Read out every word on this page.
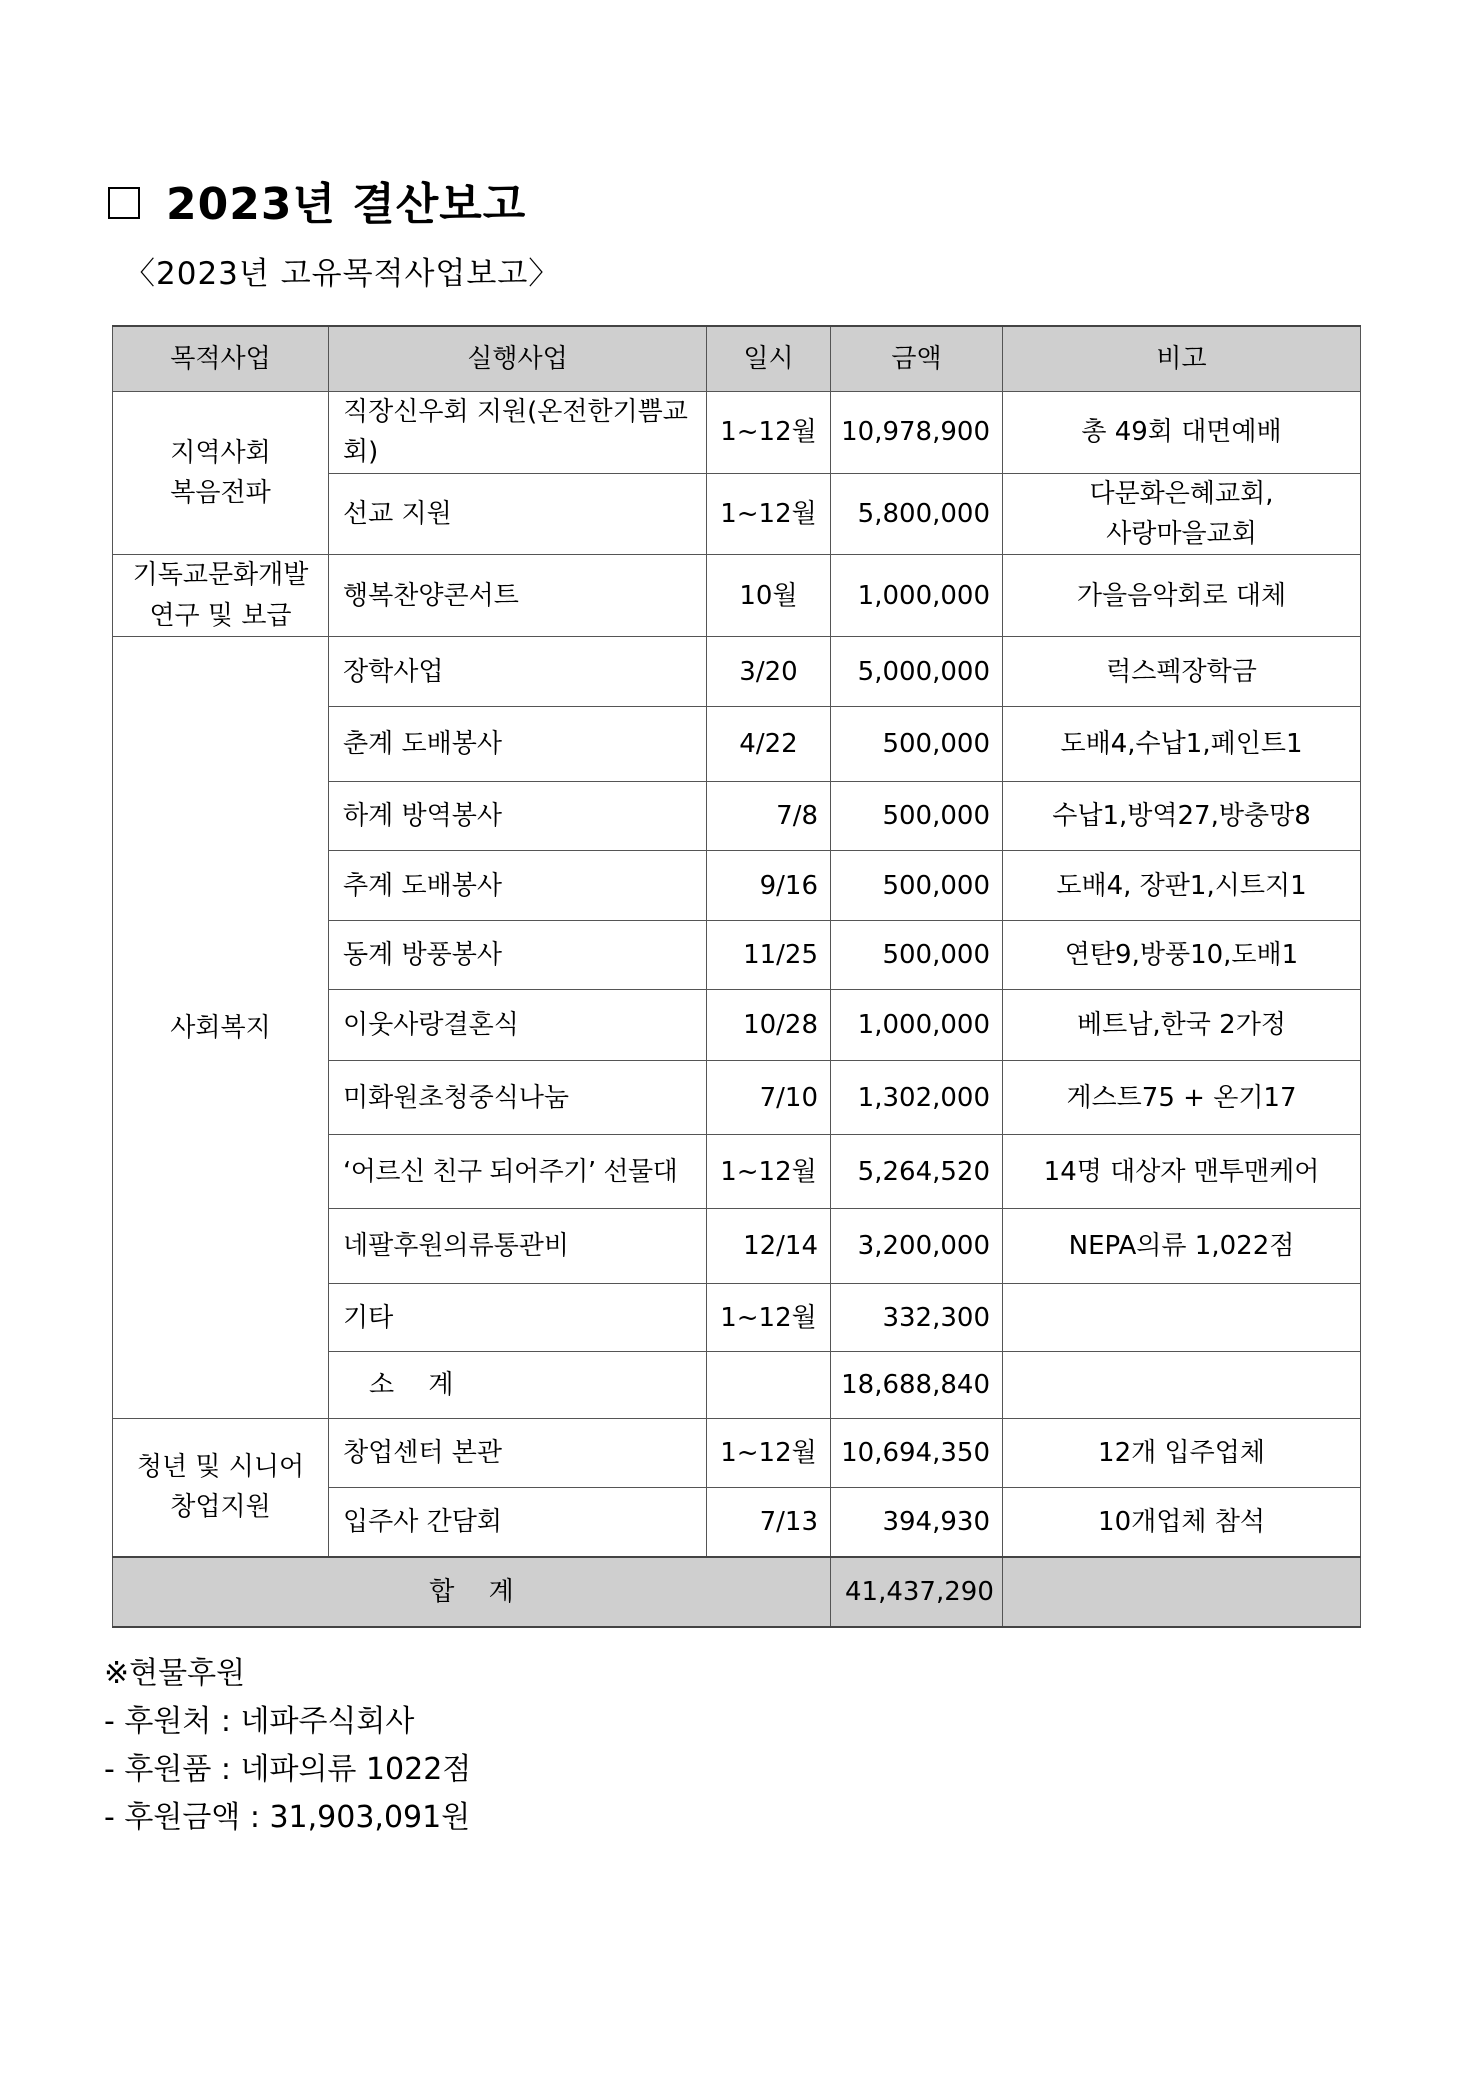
2023년 결산보고
〈2023년 고유목적사업보고〉
목적사업	실행사업	일시	금액	비고

지역사회
복음전파	직장신우회 지원(온전한기쁨교회)	1~12월	10,978,900	총 49회 대면예배
	선교 지원	1~12월	5,800,000	다문화은혜교회,
사랑마을교회

기독교문화개발
연구 및 보급	행복찬양콘서트	10월	1,000,000	가을음악회로 대체
사회복지	장학사업	3/20	5,000,000	럭스펙장학금
	춘계 도배봉사	4/22	500,000	도배4,수납1,페인트1
	하계 방역봉사	7/8	500,000	수납1,방역27,방충망8
	추계 도배봉사	9/16	500,000	도배4, 장판1,시트지1
	동계 방풍봉사	11/25	500,000	연탄9,방풍10,도배1
	이웃사랑결혼식	10/28	1,000,000	베트남,한국 2가정
	미화원초청중식나눔	7/10	1,302,000	게스트75 + 온기17
	‘어르신 친구 되어주기’ 선물대	1~12월	5,264,520	14명 대상자 맨투맨케어
	네팔후원의류통관비	12/14	3,200,000	NEPA의류 1,022점
	기타	1~12월	332,300	
	소　 계		18,688,840	

청년 및 시니어
창업지원	창업센터 본관	1~12월	10,694,350	12개 입주업체
	입주사 간담회	7/13	394,930	10개업체 참석
합　 계			41,437,290	
※현물후원
- 후원처 : 네파주식회사
- 후원품 : 네파의류 1022점
- 후원금액 : 31,903,091원
